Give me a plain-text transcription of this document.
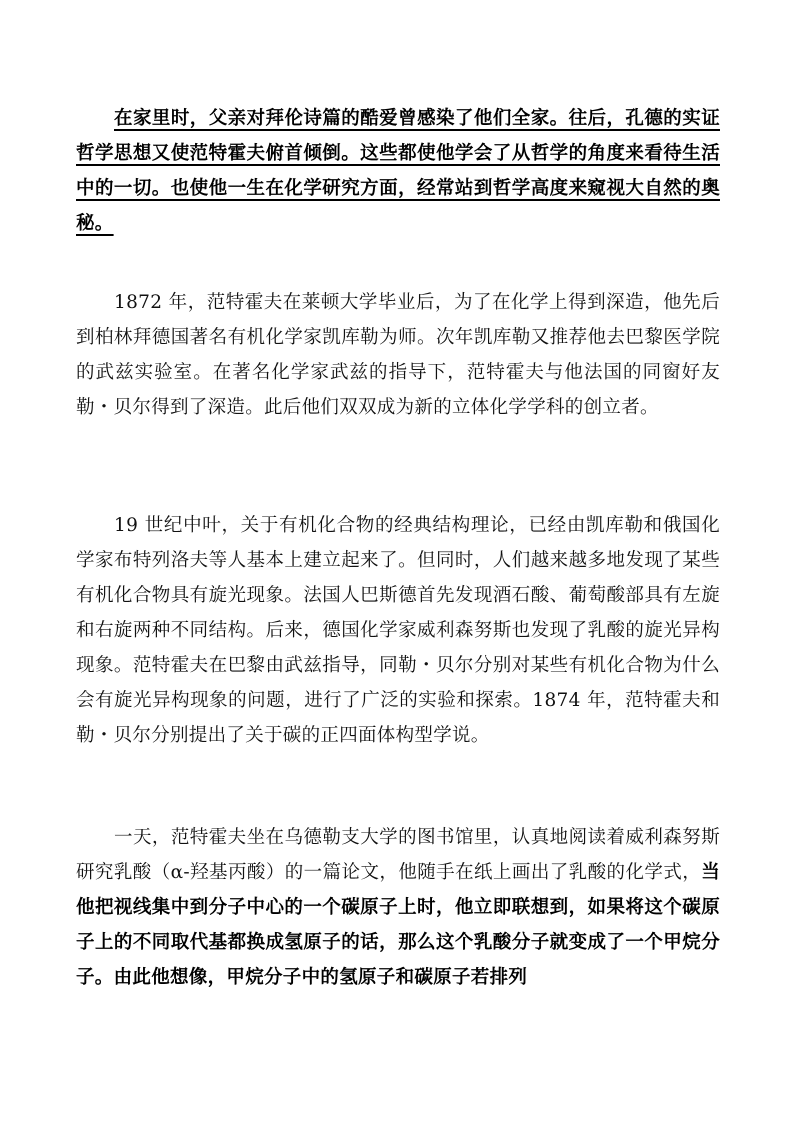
在家里时，父亲对拜伦诗篇的酷爱曾感染了他们全家。往后，孔德的实证哲学思想又使范特霍夫俯首倾倒。这些都使他学会了从哲学的角度来看待生活中的一切。也使他一生在化学研究方面，经常站到哲学高度来窥视大自然的奥秘。

1872 年，范特霍夫在莱顿大学毕业后，为了在化学上得到深造，他先后到柏林拜德国著名有机化学家凯库勒为师。次年凯库勒又推荐他去巴黎医学院的武兹实验室。在著名化学家武兹的指导下，范特霍夫与他法国的同窗好友勒・贝尔得到了深造。此后他们双双成为新的立体化学学科的创立者。

19 世纪中叶，关于有机化合物的经典结构理论，已经由凯库勒和俄国化学家布特列洛夫等人基本上建立起来了。但同时，人们越来越多地发现了某些有机化合物具有旋光现象。法国人巴斯德首先发现酒石酸、葡萄酸部具有左旋和右旋两种不同结构。后来，德国化学家威利森努斯也发现了乳酸的旋光异构现象。范特霍夫在巴黎由武兹指导，同勒・贝尔分别对某些有机化合物为什么会有旋光异构现象的问题，进行了广泛的实验和探索。1874 年，范特霍夫和勒・贝尔分别提出了关于碳的正四面体构型学说。

一天，范特霍夫坐在乌德勒支大学的图书馆里，认真地阅读着威利森努斯研究乳酸（α-羟基丙酸）的一篇论文，他随手在纸上画出了乳酸的化学式，当他把视线集中到分子中心的一个碳原子上时，他立即联想到，如果将这个碳原子上的不同取代基都换成氢原子的话，那么这个乳酸分子就变成了一个甲烷分子。由此他想像，甲烷分子中的氢原子和碳原子若排列
